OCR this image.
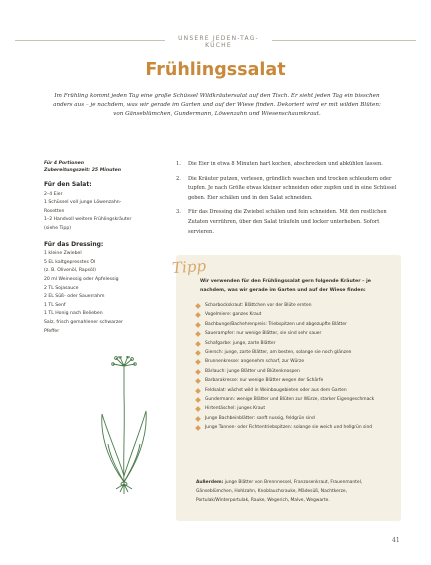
UNSERE JEDEN-TAG-KÜCHE
Frühlingssalat

Im Frühling kommt jeden Tag eine große Schüssel Wildkräutersalat auf den Tisch. Er sieht jeden Tag ein bisschen anders aus – je nachdem, was wir gerade im Garten und auf der Wiese finden. Dekoriert wird er mit wilden Blüten: von Gänseblümchen, Gundermann, Löwenzahn und Wiesenschaumkraut.

Für 4 Portionen
Zubereitungszeit: 25 Minuten
Für den Salat:
2–4 Eier
1 Schüssel voll junge Löwenzahn-
Rosetten
1–2 Handvoll weitere Frühlingskräuter
(siehe Tipp)
Für das Dressing:
1 kleine Zwiebel
5 EL kaltgepresstes Öl
(z. B. Olivenöl, Rapsöl)
20 ml Weinessig oder Apfelessig
2 TL Sojasauce
2 EL Süß- oder Sauerrahm
1 TL Senf
1 TL Honig nach Belieben
Salz, frisch gemahlener schwarzer
Pfeffer
1. Die Eier in etwa 8 Minuten hart kochen, abschrecken und abkühlen lassen.
2. Die Kräuter putzen, verlesen, gründlich waschen und trocken schleudern oder tupfen. Je nach Größe etwas kleiner schneiden oder zupfen und in eine Schüssel geben. Eier schälen und in den Salat schneiden.
3. Für das Dressing die Zwiebel schälen und fein schneiden. Mit den restlichen Zutaten verrühren, über den Salat träufeln und locker unterheben. Sofort servieren.
Tipp

Wir verwenden für den Frühlingssalat gern folgende Kräuter – je nachdem, was wir gerade im Garten und auf der Wiese finden:

Scharbockskraut: Blättchen vor der Blüte ernten
Vogelmiere: ganzes Kraut
Bachbunge/Bachehrenpreis: Triebspitzen und abgezupfte Blätter
Sauerampfer: nur wenige Blätter, sie sind sehr sauer
Schafgarbe: junge, zarte Blätter
Giersch: junge, zarte Blätter, am besten, solange sie noch glänzen
Brunnenkresse: angenehm scharf, zur Würze
Bärlauch: junge Blätter und Blütenknospen
Barbarakresse: nur wenige Blätter wegen der Schärfe
Feldsalat: wächst wild in Weinbaugebieten oder aus dem Garten
Gundermann: wenige Blätter und Blüten zur Würze, starker Eigengeschmack
Hirtentäschel: junges Kraut
Junge Bachbeinblätter: sanft nussig, feldgrün sind
Junge Tannen- oder Fichtentriebspitzen: solange sie weich und hellgrün sind

Außerdem: junge Blätter von Brennnessel, Franzosenkraut, Frauenmantel, Gänseblümchen, Hohlzahn, Knoblauchsrauke, Mädesüß, Nachtkerze, Portulak/Winterportulak, Rauke, Wegerich, Malve, Wegwarte.

41
